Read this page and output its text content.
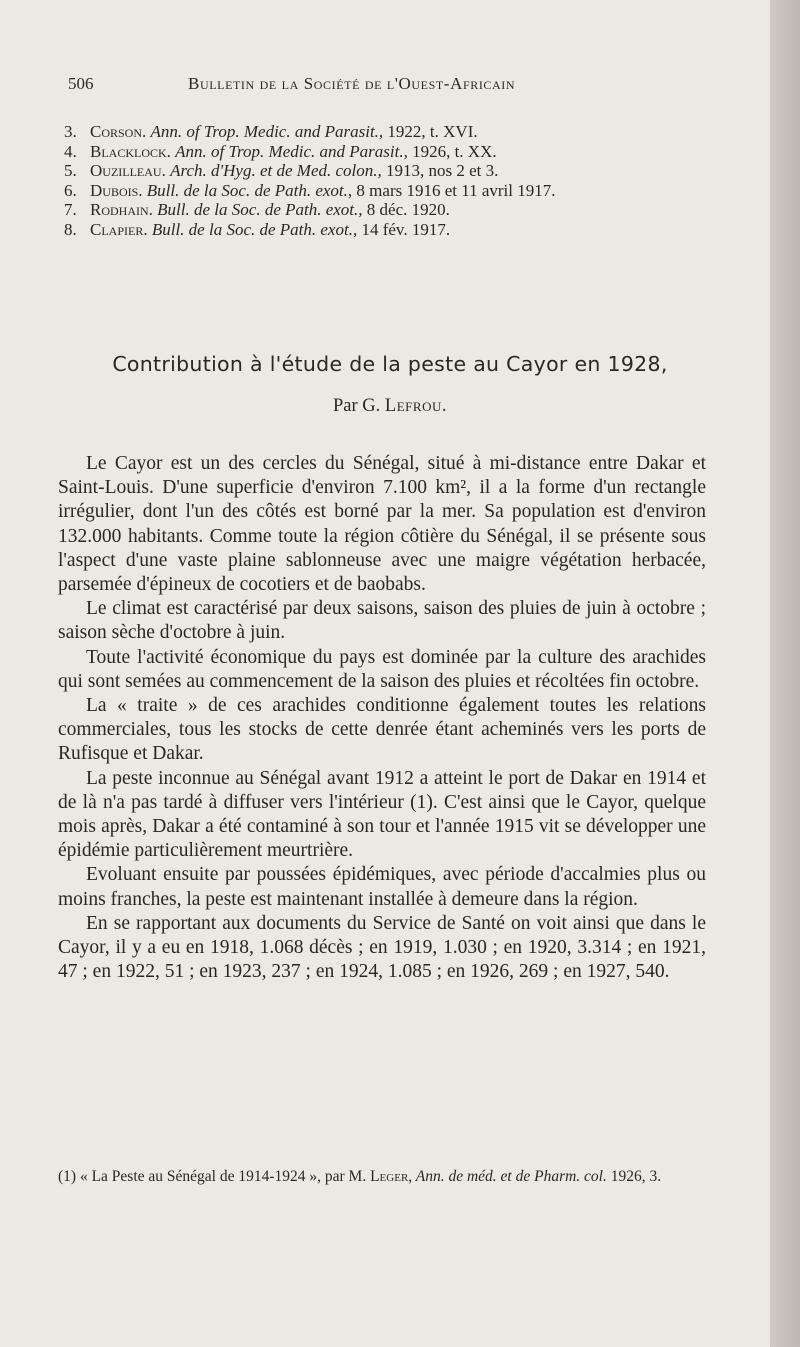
506	Bulletin de la Société de l'Ouest-Africain
3. Corson. Ann. of Trop. Medic. and Parasit., 1922, t. XVI.
4. Blacklock. Ann. of Trop. Medic. and Parasit., 1926, t. XX.
5. Ouzilleau. Arch. d'Hyg. et de Med. colon., 1913, nos 2 et 3.
6. Dubois. Bull. de la Soc. de Path. exot., 8 mars 1916 et 11 avril 1917.
7. Rodhain. Bull. de la Soc. de Path. exot., 8 déc. 1920.
8. Clapier. Bull. de la Soc. de Path. exot., 14 fév. 1917.
Contribution à l'étude de la peste au Cayor en 1928,
Par G. Lefrou.

Le Cayor est un des cercles du Sénégal, situé à mi-distance entre Dakar et Saint-Louis. D'une superficie d'environ 7.100 km², il a la forme d'un rectangle irrégulier, dont l'un des côtés est borné par la mer. Sa population est d'environ 132.000 habitants. Comme toute la région côtière du Sénégal, il se présente sous l'aspect d'une vaste plaine sablonneuse avec une maigre végétation herbacée, parsemée d'épineux de cocotiers et de baobabs.

Le climat est caractérisé par deux saisons, saison des pluies de juin à octobre ; saison sèche d'octobre à juin.

Toute l'activité économique du pays est dominée par la culture des arachides qui sont semées au commencement de la saison des pluies et récoltées fin octobre.

La « traite » de ces arachides conditionne également toutes les relations commerciales, tous les stocks de cette denrée étant acheminés vers les ports de Rufisque et Dakar.

La peste inconnue au Sénégal avant 1912 a atteint le port de Dakar en 1914 et de là n'a pas tardé à diffuser vers l'intérieur (1). C'est ainsi que le Cayor, quelque mois après, Dakar a été contaminé à son tour et l'année 1915 vit se développer une épidémie particulièrement meurtrière.

Evoluant ensuite par poussées épidémiques, avec période d'accalmies plus ou moins franches, la peste est maintenant installée à demeure dans la région.

En se rapportant aux documents du Service de Santé on voit ainsi que dans le Cayor, il y a eu en 1918, 1.068 décès ; en 1919, 1.030 ; en 1920, 3.314 ; en 1921, 47 ; en 1922, 51 ; en 1923, 237 ; en 1924, 1.085 ; en 1926, 269 ; en 1927, 540.

(1) « La Peste au Sénégal de 1914-1924 », par M. Leger, Ann. de méd. et de Pharm. col. 1926, 3.
